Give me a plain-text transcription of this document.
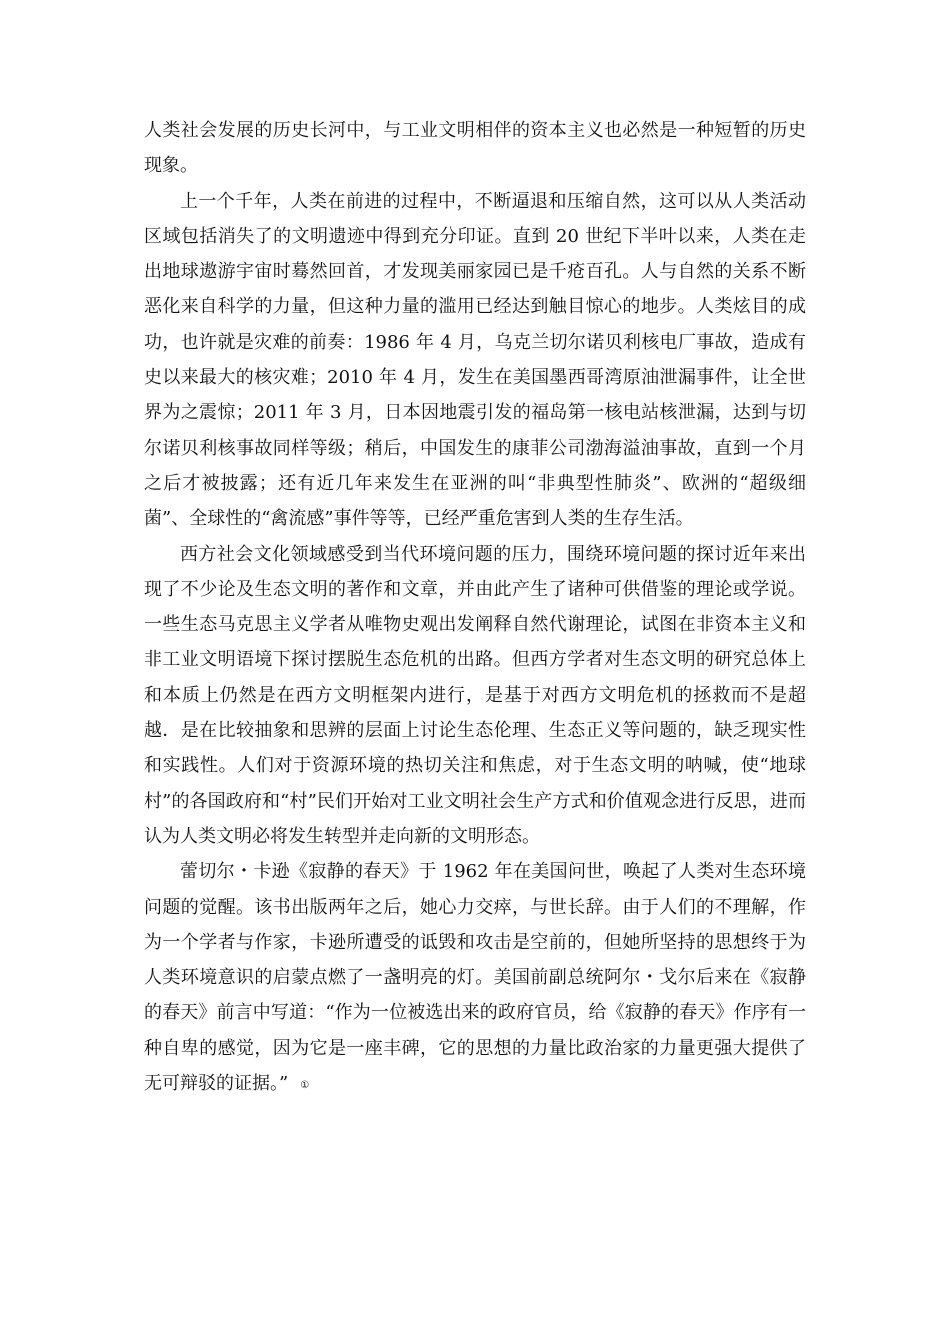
人类社会发展的历史长河中，与工业文明相伴的资本主义也必然是一种短暂的历史现象。

上一个千年，人类在前进的过程中，不断逼退和压缩自然，这可以从人类活动区域包括消失了的文明遗迹中得到充分印证。直到 20 世纪下半叶以来，人类在走出地球遨游宇宙时蓦然回首，才发现美丽家园已是千疮百孔。人与自然的关系不断恶化来自科学的力量，但这种力量的滥用已经达到触目惊心的地步。人类炫目的成功，也许就是灾难的前奏：1986 年 4 月，乌克兰切尔诺贝利核电厂事故，造成有史以来最大的核灾难；2010 年 4 月，发生在美国墨西哥湾原油泄漏事件，让全世界为之震惊；2011 年 3 月，日本因地震引发的福岛第一核电站核泄漏，达到与切尔诺贝利核事故同样等级；稍后，中国发生的康菲公司渤海溢油事故，直到一个月之后才被披露；还有近几年来发生在亚洲的叫“非典型性肺炎”、欧洲的“超级细菌”、全球性的“禽流感”事件等等，已经严重危害到人类的生存生活。

西方社会文化领域感受到当代环境问题的压力，围绕环境问题的探讨近年来出现了不少论及生态文明的著作和文章，并由此产生了诸种可供借鉴的理论或学说。一些生态马克思主义学者从唯物史观出发阐释自然代谢理论，试图在非资本主义和非工业文明语境下探讨摆脱生态危机的出路。但西方学者对生态文明的研究总体上和本质上仍然是在西方文明框架内进行，是基于对西方文明危机的拯救而不是超越．是在比较抽象和思辨的层面上讨论生态伦理、生态正义等问题的，缺乏现实性和实践性。人们对于资源环境的热切关注和焦虑，对于生态文明的呐喊，使“地球村”的各国政府和“村”民们开始对工业文明社会生产方式和价值观念进行反思，进而认为人类文明必将发生转型并走向新的文明形态。

蕾切尔・卡逊《寂静的春天》于 1962 年在美国问世，唤起了人类对生态环境问题的觉醒。该书出版两年之后，她心力交瘁，与世长辞。由于人们的不理解，作为一个学者与作家，卡逊所遭受的诋毁和攻击是空前的，但她所坚持的思想终于为人类环境意识的启蒙点燃了一盏明亮的灯。美国前副总统阿尔・戈尔后来在《寂静的春天》前言中写道：“作为一位被选出来的政府官员，给《寂静的春天》作序有一种自卑的感觉，因为它是一座丰碑，它的思想的力量比政治家的力量更强大提供了无可辩驳的证据。” ①
